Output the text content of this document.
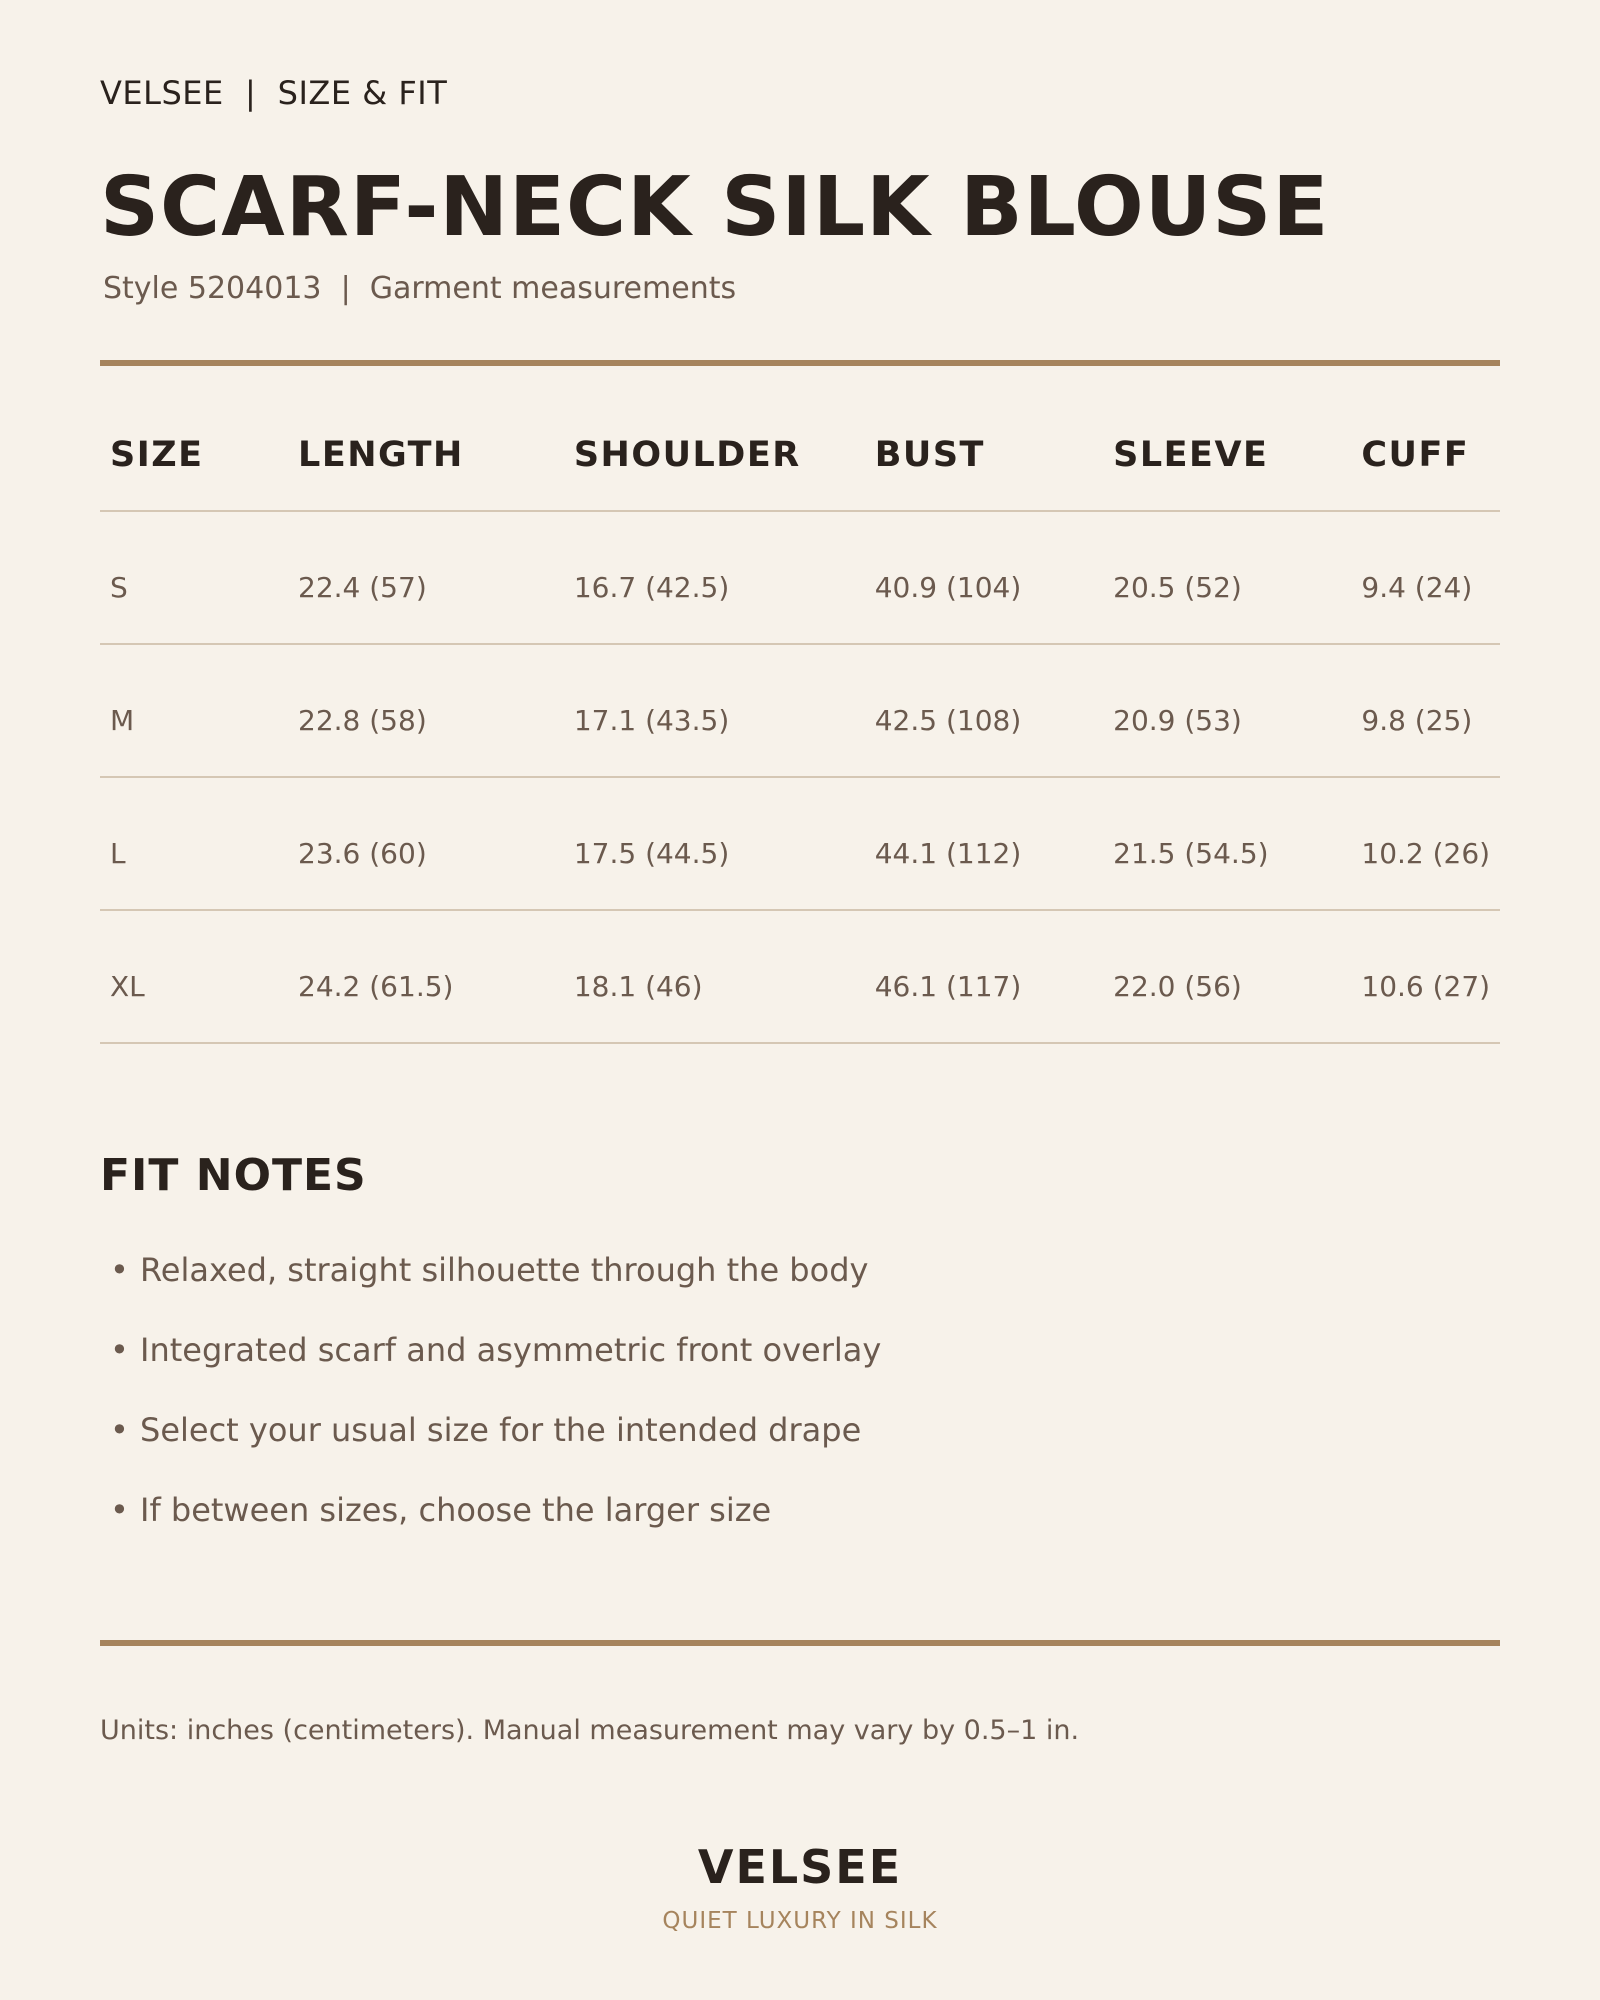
VELSEE  |  SIZE & FIT
SCARF-NECK SILK BLOUSE
Style 5204013  |  Garment measurements
SIZE	LENGTH	SHOULDER	BUST	SLEEVE	CUFF
S	22.4 (57)	16.7 (42.5)	40.9 (104)	20.5 (52)	9.4 (24)
M	22.8 (58)	17.1 (43.5)	42.5 (108)	20.9 (53)	9.8 (25)
L	23.6 (60)	17.5 (44.5)	44.1 (112)	21.5 (54.5)	10.2 (26)
XL	24.2 (61.5)	18.1 (46)	46.1 (117)	22.0 (56)	10.6 (27)
FIT NOTES
• Relaxed, straight silhouette through the body
• Integrated scarf and asymmetric front overlay
• Select your usual size for the intended drape
• If between sizes, choose the larger size
Units: inches (centimeters). Manual measurement may vary by 0.5–1 in.
VELSEE
QUIET LUXURY IN SILK
